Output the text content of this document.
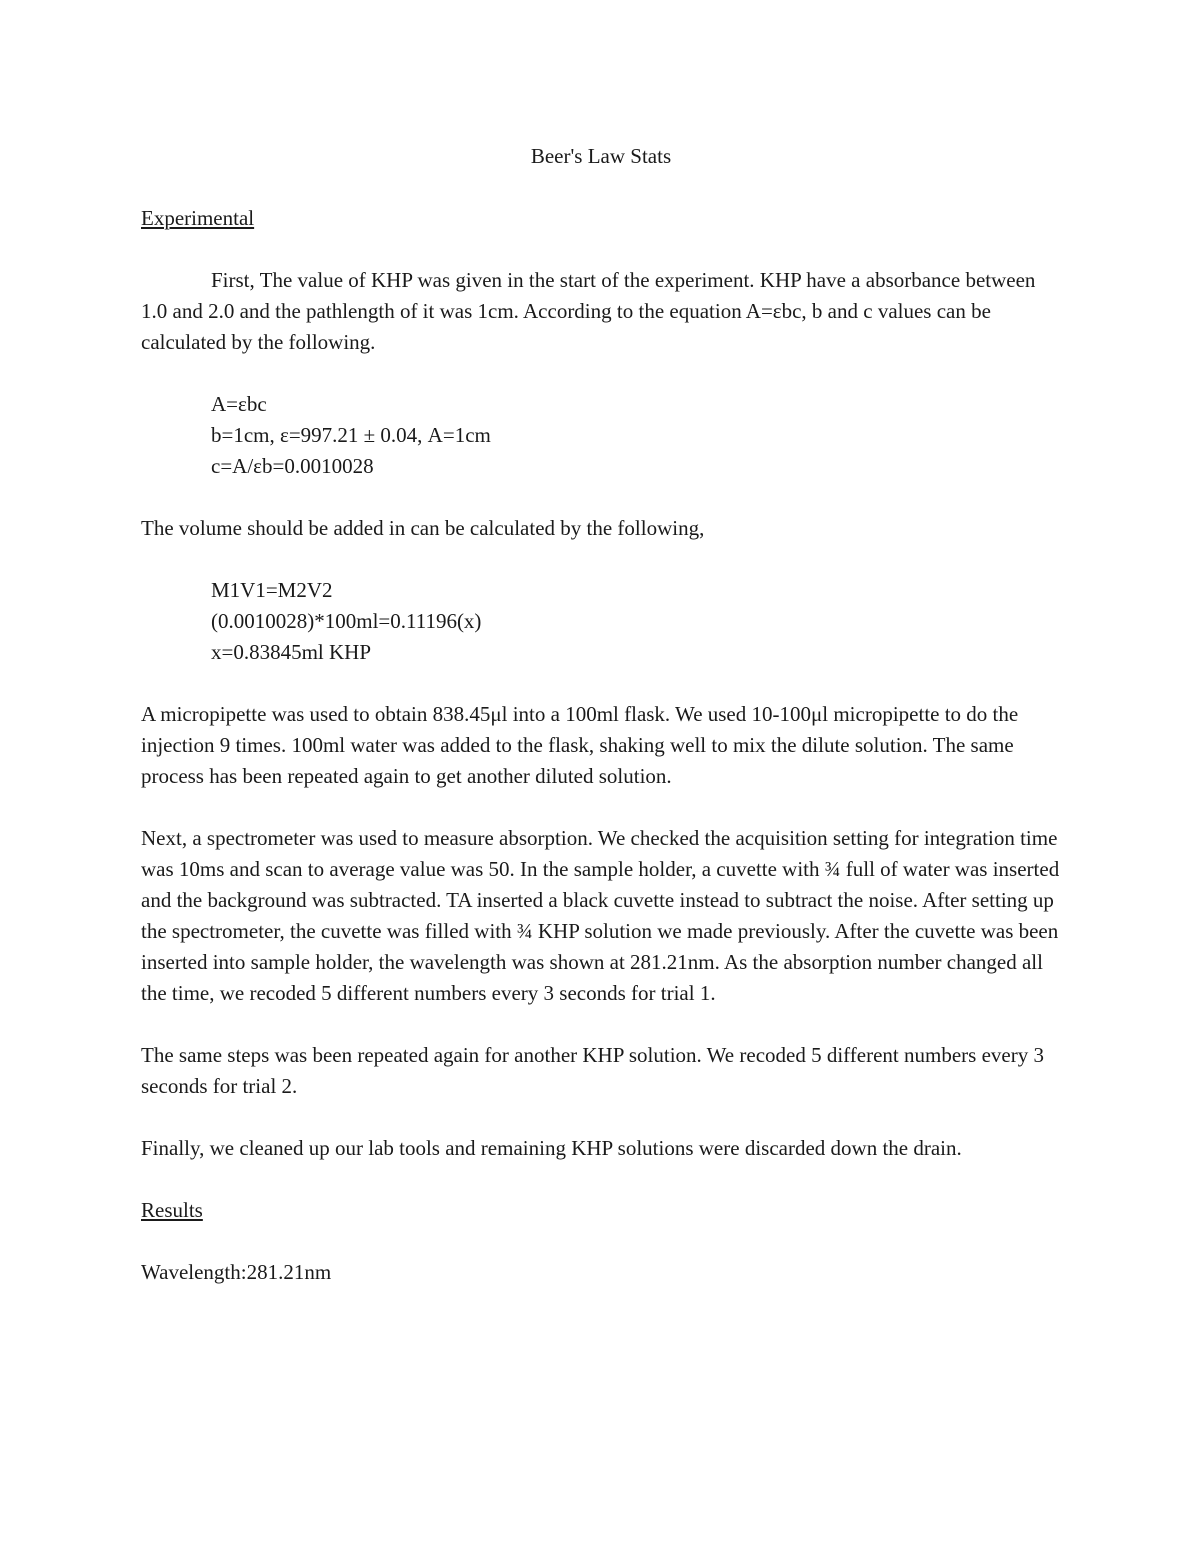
Beer's Law Stats

Experimental

First, The value of KHP was given in the start of the experiment. KHP have a absorbance between 1.0 and 2.0 and the pathlength of it was 1cm. According to the equation A=εbc, b and c values can be calculated by the following.

A=εbc
b=1cm, ε=997.21 ± 0.04, A=1cm
c=A/εb=0.0010028

The volume should be added in can be calculated by the following,

M1V1=M2V2
(0.0010028)*100ml=0.11196(x)
x=0.83845ml KHP

A micropipette was used to obtain 838.45μl into a 100ml flask. We used 10-100μl micropipette to do the injection 9 times. 100ml water was added to the flask, shaking well to mix the dilute solution. The same process has been repeated again to get another diluted solution.

Next, a spectrometer was used to measure absorption. We checked the acquisition setting for integration time was 10ms and scan to average value was 50. In the sample holder, a cuvette with ¾ full of water was inserted and the background was subtracted. TA inserted a black cuvette instead to subtract the noise. After setting up the spectrometer, the cuvette was filled with ¾ KHP solution we made previously. After the cuvette was been inserted into sample holder, the wavelength was shown at 281.21nm. As the absorption number changed all the time, we recoded 5 different numbers every 3 seconds for trial 1.

The same steps was been repeated again for another KHP solution. We recoded 5 different numbers every 3 seconds for trial 2.

Finally, we cleaned up our lab tools and remaining KHP solutions were discarded down the drain.

Results

Wavelength:281.21nm
